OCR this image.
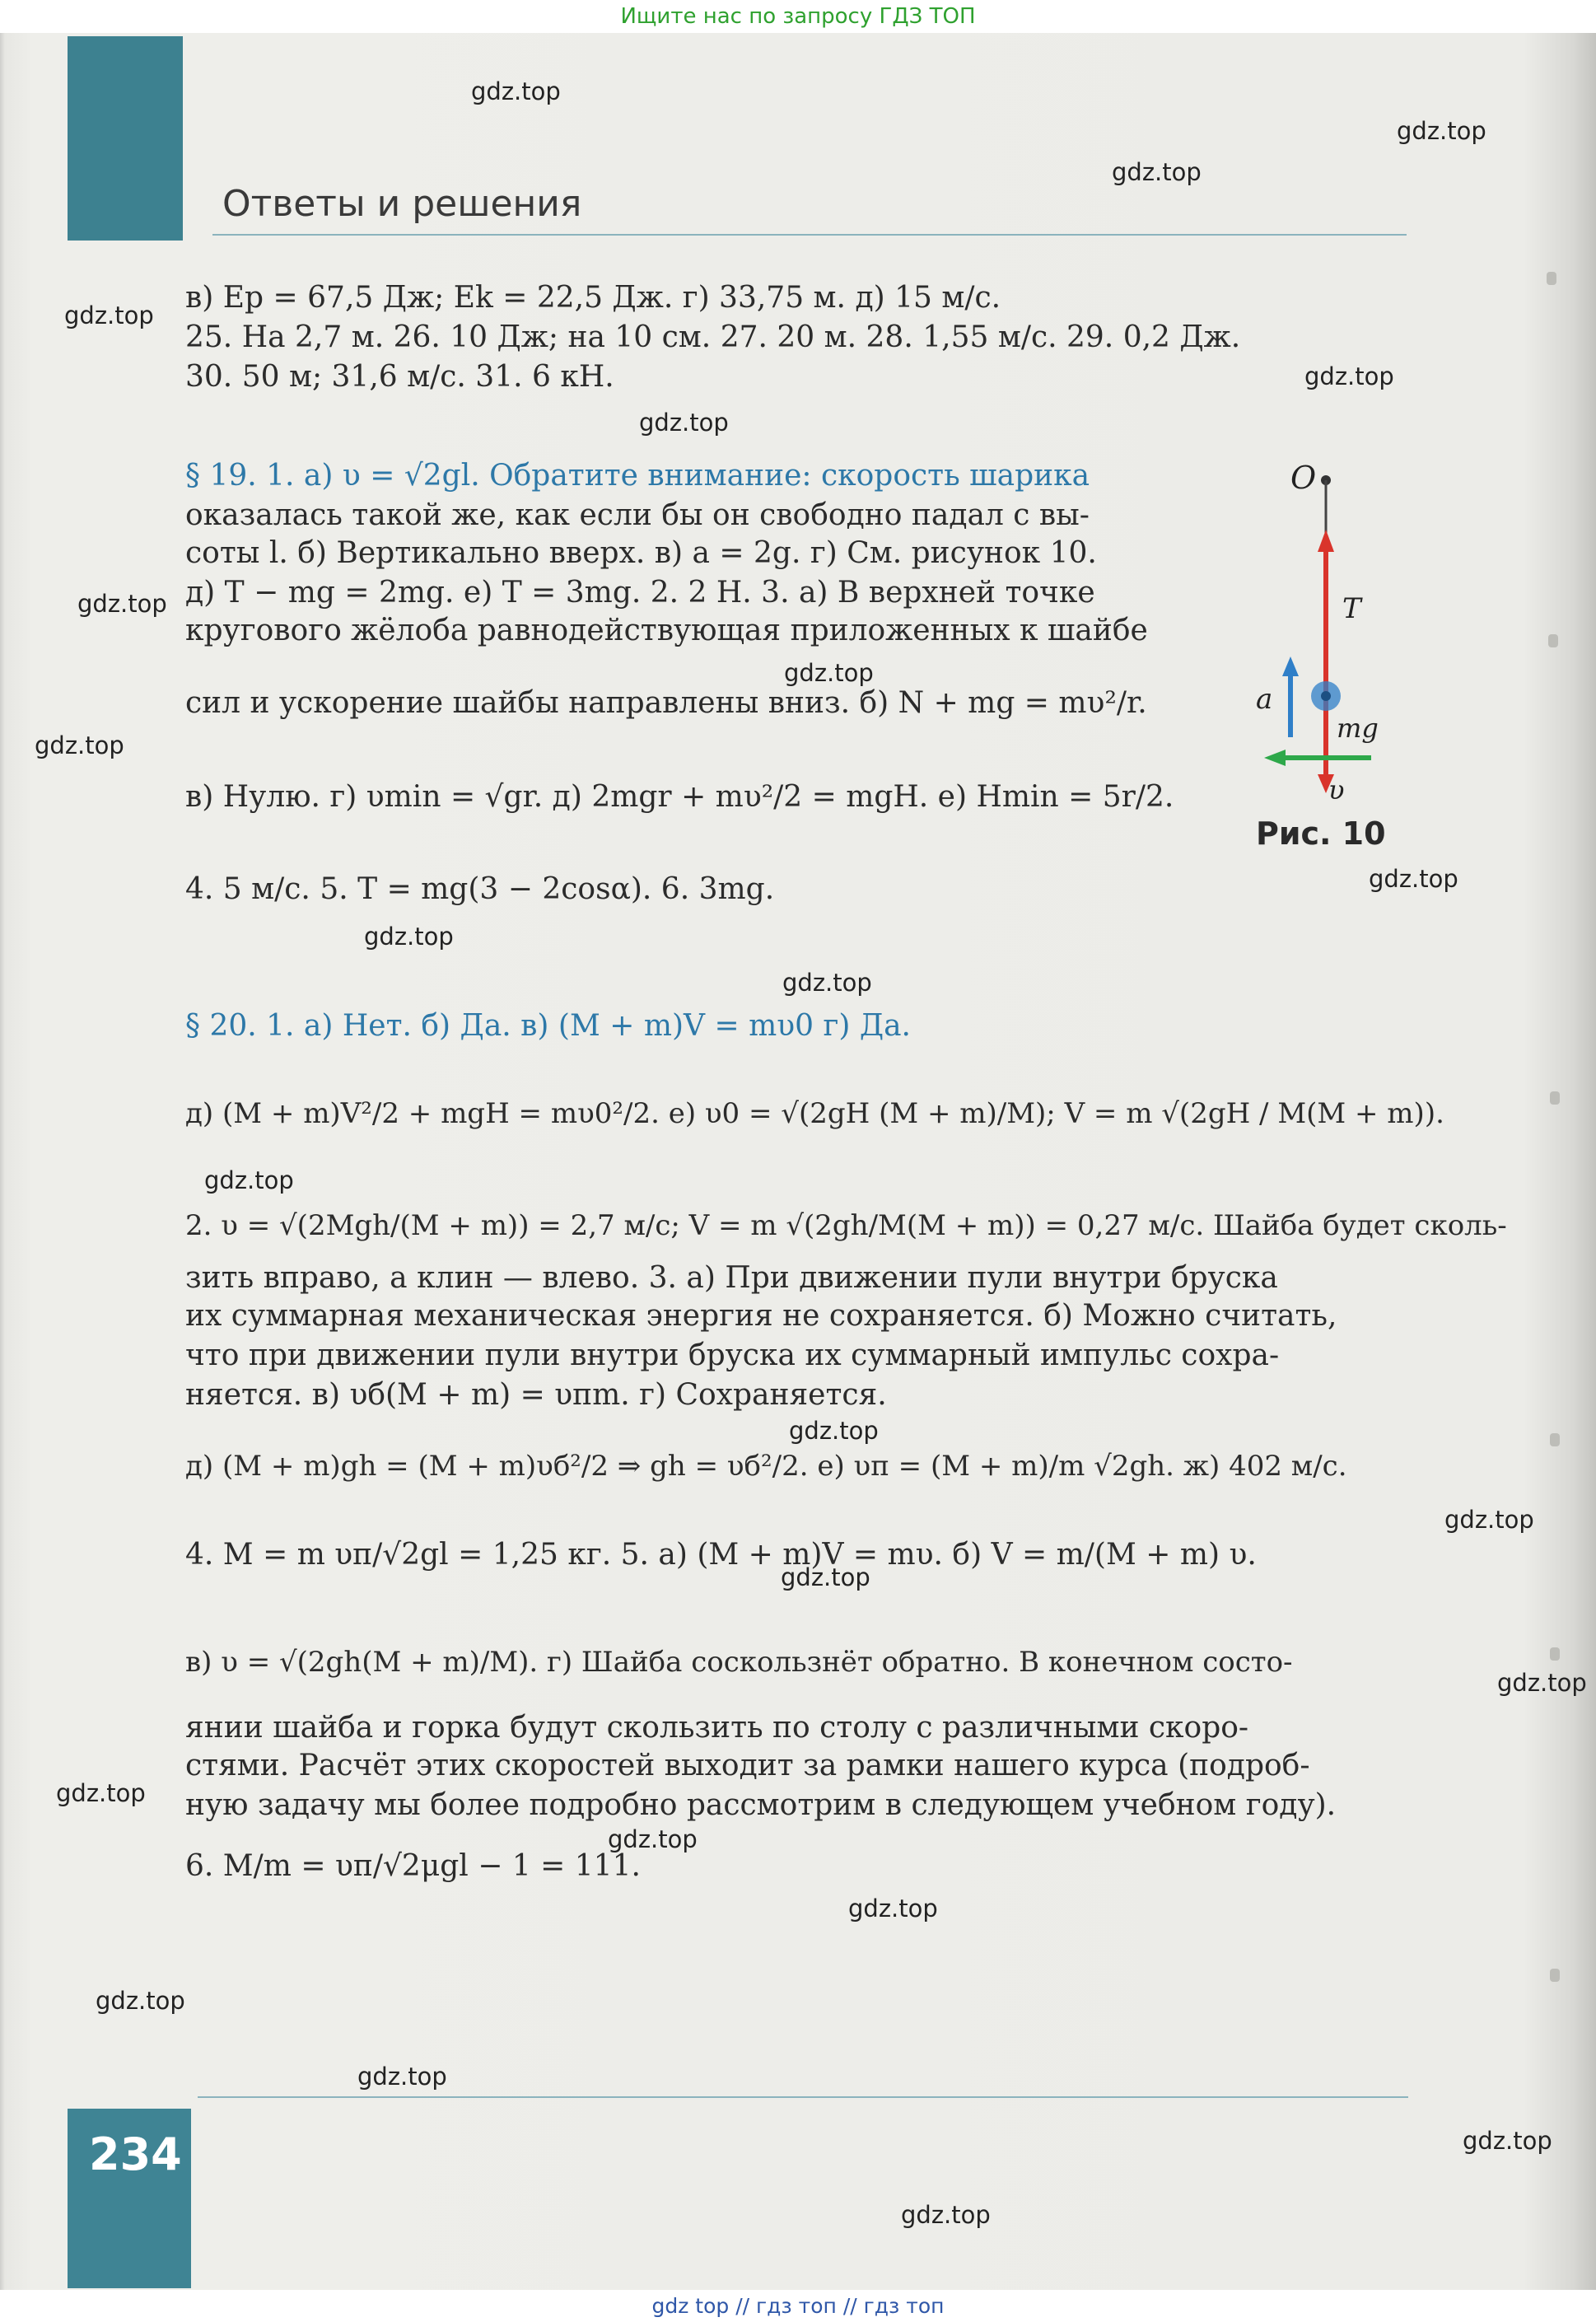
Ищите нас по запросу ГДЗ ТОП
Ответы и решения
в) Eр = 67,5 Дж; Ek = 22,5 Дж. г) 33,75 м. д) 15 м/с.
25. На 2,7 м. 26. 10 Дж; на 10 см. 27. 20 м. 28. 1,55 м/с. 29. 0,2 Дж.
30. 50 м; 31,6 м/с. 31. 6 кН.
§ 19. 1. а) υ = √2gl. Обратите внимание: скорость шарика
оказалась такой же, как если бы он свободно падал с вы-
соты l. б) Вертикально вверх. в) a = 2g. г) См. рисунок 10.
д) T − mg = 2mg. е) T = 3mg. 2. 2 Н. 3. а) В верхней точке
кругового жёлоба равнодействующая приложенных к шайбе
сил и ускорение шайбы направлены вниз. б) N + mg = mυ²/r.
в) Нулю. г) υmin = √gr. д) 2mgr + mυ²/2 = mgH. е) Hmin = 5r/2.
4. 5 м/с. 5. T = mg(3 − 2cosα). 6. 3mg.
§ 20. 1. а) Нет. б) Да. в) (M + m)V = mυ0 г) Да.
д) (M + m)V²/2 + mgH = mυ0²/2. е) υ0 = √(2gH (M + m)/M); V = m √(2gH / M(M + m)).
2. υ = √(2Mgh/(M + m)) = 2,7 м/с; V = m √(2gh/M(M + m)) = 0,27 м/с. Шайба будет сколь-
зить вправо, а клин — влево. 3. а) При движении пули внутри бруска
их суммарная механическая энергия не сохраняется. б) Можно считать,
что при движении пули внутри бруска их суммарный импульс сохра-
няется. в) υб(M + m) = υпm. г) Сохраняется.
д) (M + m)gh = (M + m)υб²/2 ⇒ gh = υб²/2. е) υп = (M + m)/m √2gh. ж) 402 м/с.
4. M = m υп/√2gl = 1,25 кг. 5. а) (M + m)V = mυ. б) V = m/(M + m) υ.
в) υ = √(2gh(M + m)/M). г) Шайба соскользнёт обратно. В конечном состо-
янии шайба и горка будут скользить по столу с различными скоро-
стями. Расчёт этих скоростей выходит за рамки нашего курса (подроб-
ную задачу мы более подробно рассмотрим в следующем учебном году).
6. M/m = υп/√2μgl − 1 = 111.
O
T
a
mg
υ
Рис. 10
234
gdz.top
gdz.top
gdz.top
gdz.top
gdz.top
gdz.top
gdz.top
gdz.top
gdz.top
gdz.top
gdz.top
gdz.top
gdz.top
gdz.top
gdz.top
gdz.top
gdz.top
gdz.top
gdz.top
gdz.top
gdz.top
gdz.top
gdz.top
gdz.top
gdz top // гдз топ // гдз топ
